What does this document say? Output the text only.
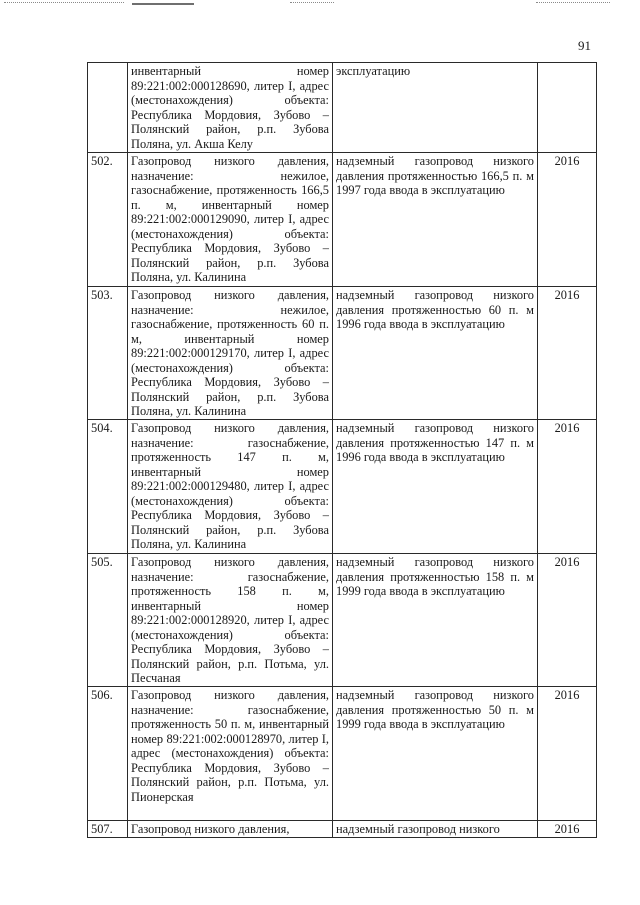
91
	инвентарный номер 89:221:002:000128690, литер I, адрес (местонахождения) объекта: Республика Мордовия, Зубово – Полянский район, р.п. Зубова Поляна, ул. Акша Келу	эксплуатацию	
502.	Газопровод низкого давления, назначение: нежилое, газоснабжение, протяженность 166,5 п. м, инвентарный номер 89:221:002:000129090, литер I, адрес (местонахождения) объекта: Республика Мордовия, Зубово – Полянский район, р.п. Зубова Поляна, ул. Калинина	надземный газопровод низкого давления протяженностью 166,5 п. м 1997 года ввода в эксплуатацию	2016
503.	Газопровод низкого давления, назначение: нежилое, газоснабжение, протяженность 60 п. м, инвентарный номер 89:221:002:000129170, литер I, адрес (местонахождения) объекта: Республика Мордовия, Зубово – Полянский район, р.п. Зубова Поляна, ул. Калинина	надземный газопровод низкого давления протяженностью 60 п. м 1996 года ввода в эксплуатацию	2016
504.	Газопровод низкого давления, назначение: газоснабжение, протяженность 147 п. м, инвентарный номер 89:221:002:000129480, литер I, адрес (местонахождения) объекта: Республика Мордовия, Зубово – Полянский район, р.п. Зубова Поляна, ул. Калинина	надземный газопровод низкого давления протяженностью 147 п. м 1996 года ввода в эксплуатацию	2016
505.	Газопровод низкого давления, назначение: газоснабжение, протяженность 158 п. м, инвентарный номер 89:221:002:000128920, литер I, адрес (местонахождения) объекта: Республика Мордовия, Зубово – Полянский район, р.п. Потьма, ул. Песчаная	надземный газопровод низкого давления протяженностью 158 п. м 1999 года ввода в эксплуатацию	2016
506.	Газопровод низкого давления, назначение: газоснабжение, протяженность 50 п. м, инвентарный номер 89:221:002:000128970, литер I, адрес (местонахождения) объекта: Республика Мордовия, Зубово – Полянский район, р.п. Потьма, ул. Пионерская	надземный газопровод низкого давления протяженностью 50 п. м 1999 года ввода в эксплуатацию	2016
507.	Газопровод низкого давления,	надземный газопровод низкого	2016
